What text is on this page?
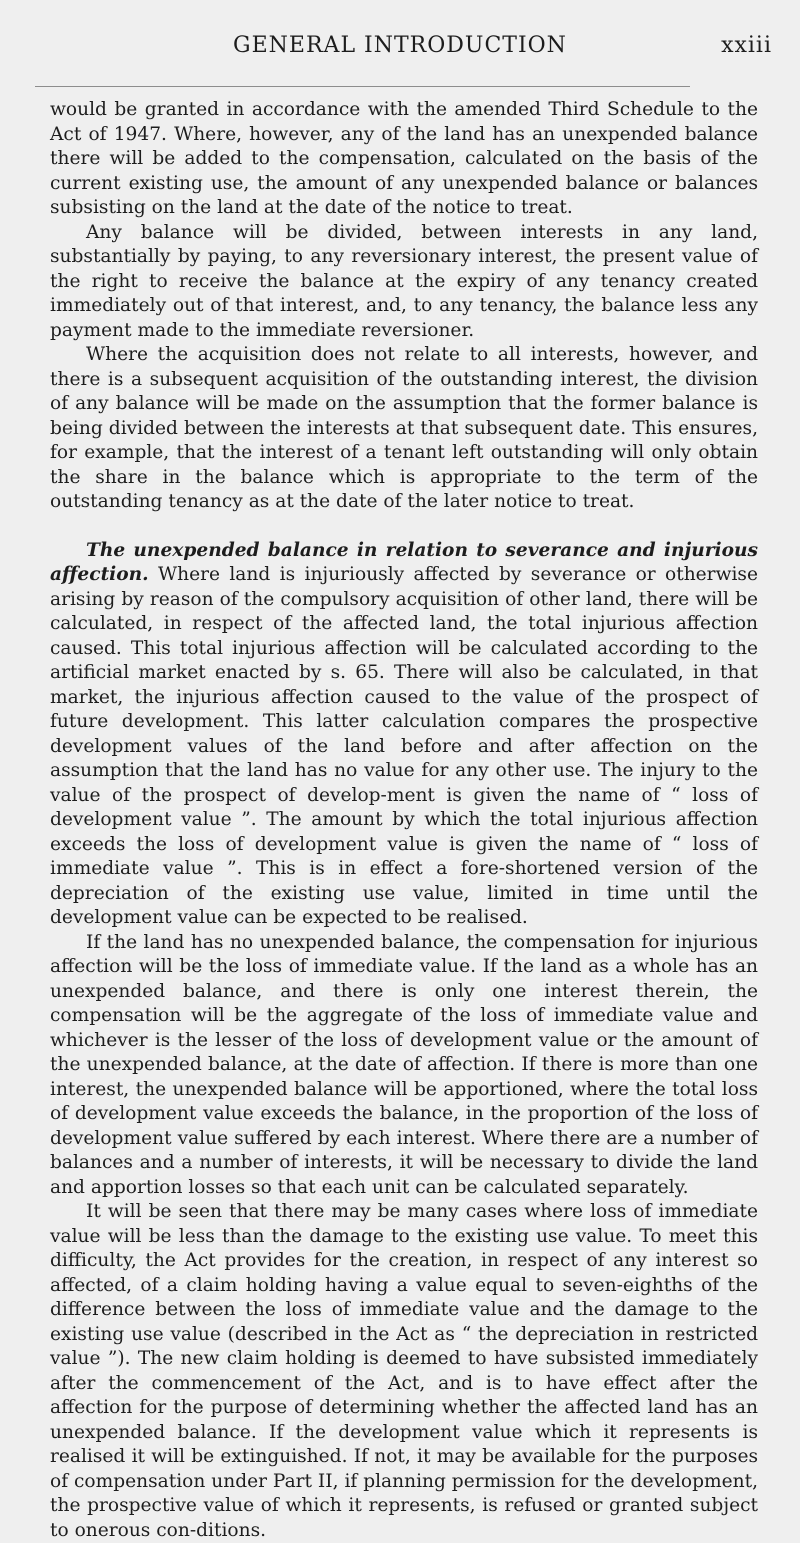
GENERAL INTRODUCTION	xxiii

would be granted in accordance with the amended Third Schedule to the Act of 1947. Where, however, any of the land has an unexpended balance there will be added to the compensation, calculated on the basis of the current existing use, the amount of any unexpended balance or balances subsisting on the land at the date of the notice to treat.

Any balance will be divided, between interests in any land, substantially by paying, to any reversionary interest, the present value of the right to receive the balance at the expiry of any tenancy created immediately out of that interest, and, to any tenancy, the balance less any payment made to the immediate reversioner.

Where the acquisition does not relate to all interests, however, and there is a subsequent acquisition of the outstanding interest, the division of any balance will be made on the assumption that the former balance is being divided between the interests at that subsequent date. This ensures, for example, that the interest of a tenant left outstanding will only obtain the share in the balance which is appropriate to the term of the outstanding tenancy as at the date of the later notice to treat.

The unexpended balance in relation to severance and injurious affection. Where land is injuriously affected by severance or otherwise arising by reason of the compulsory acquisition of other land, there will be calculated, in respect of the affected land, the total injurious affection caused. This total injurious affection will be calculated according to the artificial market enacted by s. 65. There will also be calculated, in that market, the injurious affection caused to the value of the prospect of future development. This latter calculation compares the prospective development values of the land before and after affection on the assumption that the land has no value for any other use. The injury to the value of the prospect of develop-ment is given the name of “ loss of development value ”. The amount by which the total injurious affection exceeds the loss of development value is given the name of “ loss of immediate value ”. This is in effect a fore-shortened version of the depreciation of the existing use value, limited in time until the development value can be expected to be realised.

If the land has no unexpended balance, the compensation for injurious affection will be the loss of immediate value. If the land as a whole has an unexpended balance, and there is only one interest therein, the compensation will be the aggregate of the loss of immediate value and whichever is the lesser of the loss of development value or the amount of the unexpended balance, at the date of affection. If there is more than one interest, the unexpended balance will be apportioned, where the total loss of development value exceeds the balance, in the proportion of the loss of development value suffered by each interest. Where there are a number of balances and a number of interests, it will be necessary to divide the land and apportion losses so that each unit can be calculated separately.

It will be seen that there may be many cases where loss of immediate value will be less than the damage to the existing use value. To meet this difficulty, the Act provides for the creation, in respect of any interest so affected, of a claim holding having a value equal to seven-eighths of the difference between the loss of immediate value and the damage to the existing use value (described in the Act as “ the depreciation in restricted value ”). The new claim holding is deemed to have subsisted immediately after the commencement of the Act, and is to have effect after the affection for the purpose of determining whether the affected land has an unexpended balance. If the development value which it represents is realised it will be extinguished. If not, it may be available for the purposes of compensation under Part II, if planning permission for the development, the prospective value of which it represents, is refused or granted subject to onerous con-ditions.
